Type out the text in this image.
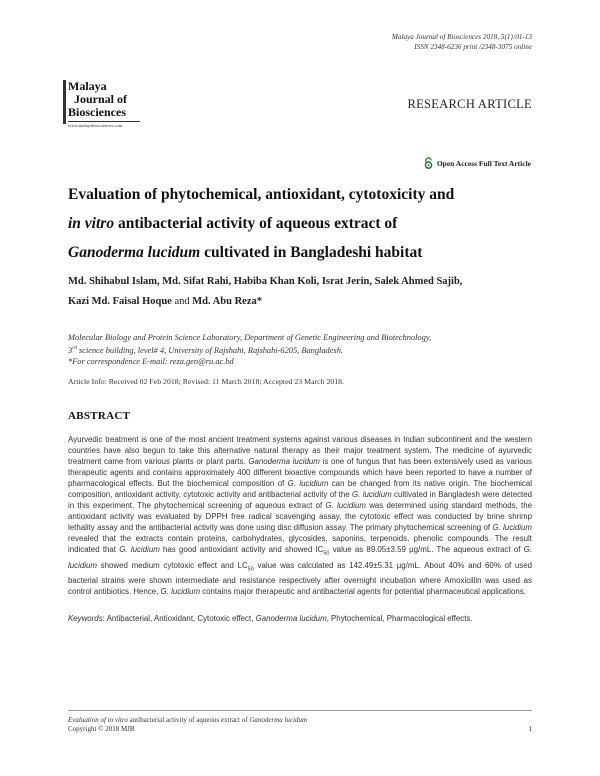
Malaya Journal of Biosciences 2018, 5(1):01-13
ISSN 2348-6236 print /2348-3075 online
Malaya
Journal of
Biosciences
www.malayabiosciences.com
RESEARCH ARTICLE
Open Access Full Text Article
Evaluation of phytochemical, antioxidant, cytotoxicity and
in vitro antibacterial activity of aqueous extract of
Ganoderma lucidum cultivated in Bangladeshi habitat
Md. Shihabul Islam, Md. Sifat Rahi, Habiba Khan Koli, Israt Jerin, Salek Ahmed Sajib,
Kazi Md. Faisal Hoque and Md. Abu Reza*
Molecular Biology and Protein Science Laboratory, Department of Genetic Engineering and Biotechnology,
3rd science building, level# 4, University of Rajshahi, Rajshahi-6205, Bangladesh.
*For correspondence E-mail: reza.gen@ru.ac.bd
Article Info: Received 02 Feb 2018; Revised: 11 March 2018; Accepted 23 March 2018.
ABSTRACT
Ayurvedic treatment is one of the most ancient treatment systems against various diseases in Indian subcontinent and the western countries have also begun to take this alternative natural therapy as their major treatment system. The medicine of ayurvedic treatment came from various plants or plant parts. Ganoderma lucidum is one of fungus that has been extensively used as various therapeutic agents and contains approximately 400 different bioactive compounds which have been reported to have a number of pharmacological effects. But the biochemical composition of G. lucidium can be changed from its native origin. The biochemical composition, antioxidant activity, cytotoxic activity and antibacterial activity of the G. lucidium cultivated in Bangladesh were detected in this experiment. The phytochemical screening of aqueous extract of G. lucidium was determined using standard methods, the antioxidant activity was evaluated by DPPH free radical scavenging assay, the cytotoxic effect was conducted by brine shrimp lethality assay and the antibacterial activity was done using disc diffusion assay. The primary phytochemical screening of G. lucidium revealed that the extracts contain proteins, carbohydrates, glycosides, saponins, terpenoids, phenolic compounds. The result indicated that G. lucidium has good antioxidant activity and showed $IC_{50}$ value as 89.05±3.59 µg/mL. The aqueous extract of G. lucidium showed medium cytotoxic effect and $LC_{50}$ value was calculated as 142.49±5.31 µg/mL. About 40% and 60% of used bacterial strains were shown intermediate and resistance respectively after overnight incubation where Amoxicillin was used as control antibiotics. Hence, G. lucidium contains major therapeutic and antibacterial agents for potential pharmaceutical applications.
Keywords: Antibacterial, Antioxidant, Cytotoxic effect, Ganoderma lucidum, Phytochemical, Pharmacological effects.
Evaluation of in vitro antibacterial activity of aqueous extract of Ganoderma lucidum
Copyright © 2018 MJB	1
